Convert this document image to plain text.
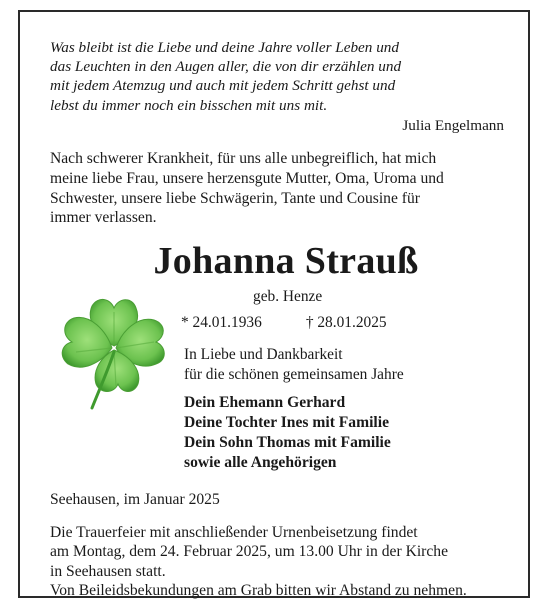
Was bleibt ist die Liebe und deine Jahre voller Leben und
das Leuchten in den Augen aller, die von dir erzählen und
mit jedem Atemzug und auch mit jedem Schritt gehst und
lebst du immer noch ein bisschen mit uns mit.
Julia Engelmann
Nach schwerer Krankheit, für uns alle unbegreiflich, hat mich
meine liebe Frau, unsere herzensgute Mutter, Oma, Uroma und
Schwester, unsere liebe Schwägerin, Tante und Cousine für
immer verlassen.
Johanna Strauß
geb. Henze
* 24.01.1936	† 28.01.2025
In Liebe und Dankbarkeit
für die schönen gemeinsamen Jahre
Dein Ehemann Gerhard
Deine Tochter Ines mit Familie
Dein Sohn Thomas mit Familie
sowie alle Angehörigen
Seehausen, im Januar 2025
Die Trauerfeier mit anschließender Urnenbeisetzung findet
am Montag, dem 24. Februar 2025, um 13.00 Uhr in der Kirche
in Seehausen statt.
Von Beileidsbekundungen am Grab bitten wir Abstand zu nehmen.
